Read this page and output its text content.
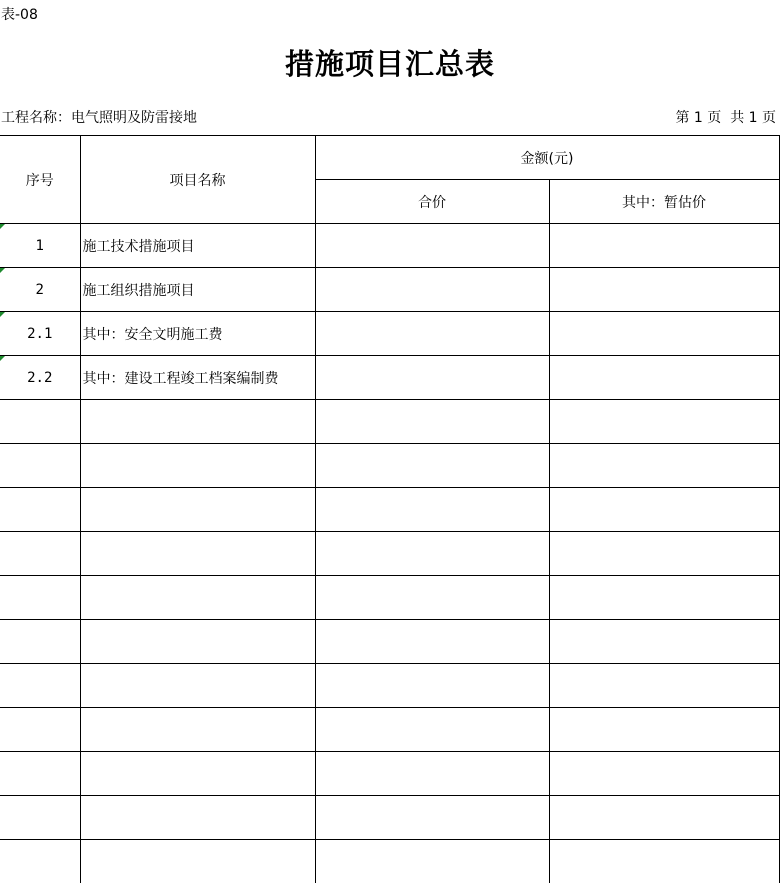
表-08
措施项目汇总表
工程名称：电气照明及防雷接地	第 1 页 共 1 页
序号	项目名称	金额(元)	
		合价	其中：暂估价

1	施工技术措施项目		

2	施工组织措施项目		

2.1	其中：安全文明施工费		

2.2	其中：建设工程竣工档案编制费		
